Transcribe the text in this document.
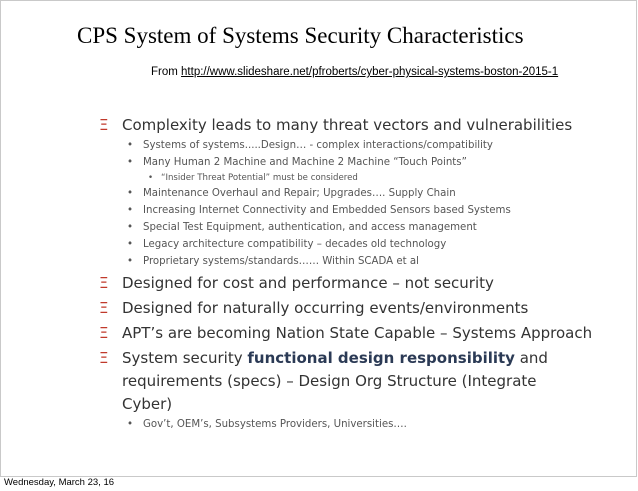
CPS System of Systems Security Characteristics
From http://www.slideshare.net/pfroberts/cyber-physical-systems-boston-2015-1
Ξ Complexity leads to many threat vectors and vulnerabilities
• Systems of systems.....Design… - complex interactions/compatibility
• Many Human 2 Machine and Machine 2 Machine “Touch Points”
• “Insider Threat Potential” must be considered
• Maintenance Overhaul and Repair; Upgrades…. Supply Chain
• Increasing Internet Connectivity and Embedded Sensors based Systems
• Special Test Equipment, authentication, and access management
• Legacy architecture compatibility – decades old technology
• Proprietary systems/standards…… Within SCADA et al
Ξ Designed for cost and performance – not security
Ξ Designed for naturally occurring events/environments
Ξ APT’s are becoming Nation State Capable – Systems Approach
Ξ System security functional design responsibility and requirements (specs) – Design Org Structure (Integrate Cyber)
• Gov’t, OEM’s, Subsystems Providers, Universities….
Wednesday, March 23, 16
